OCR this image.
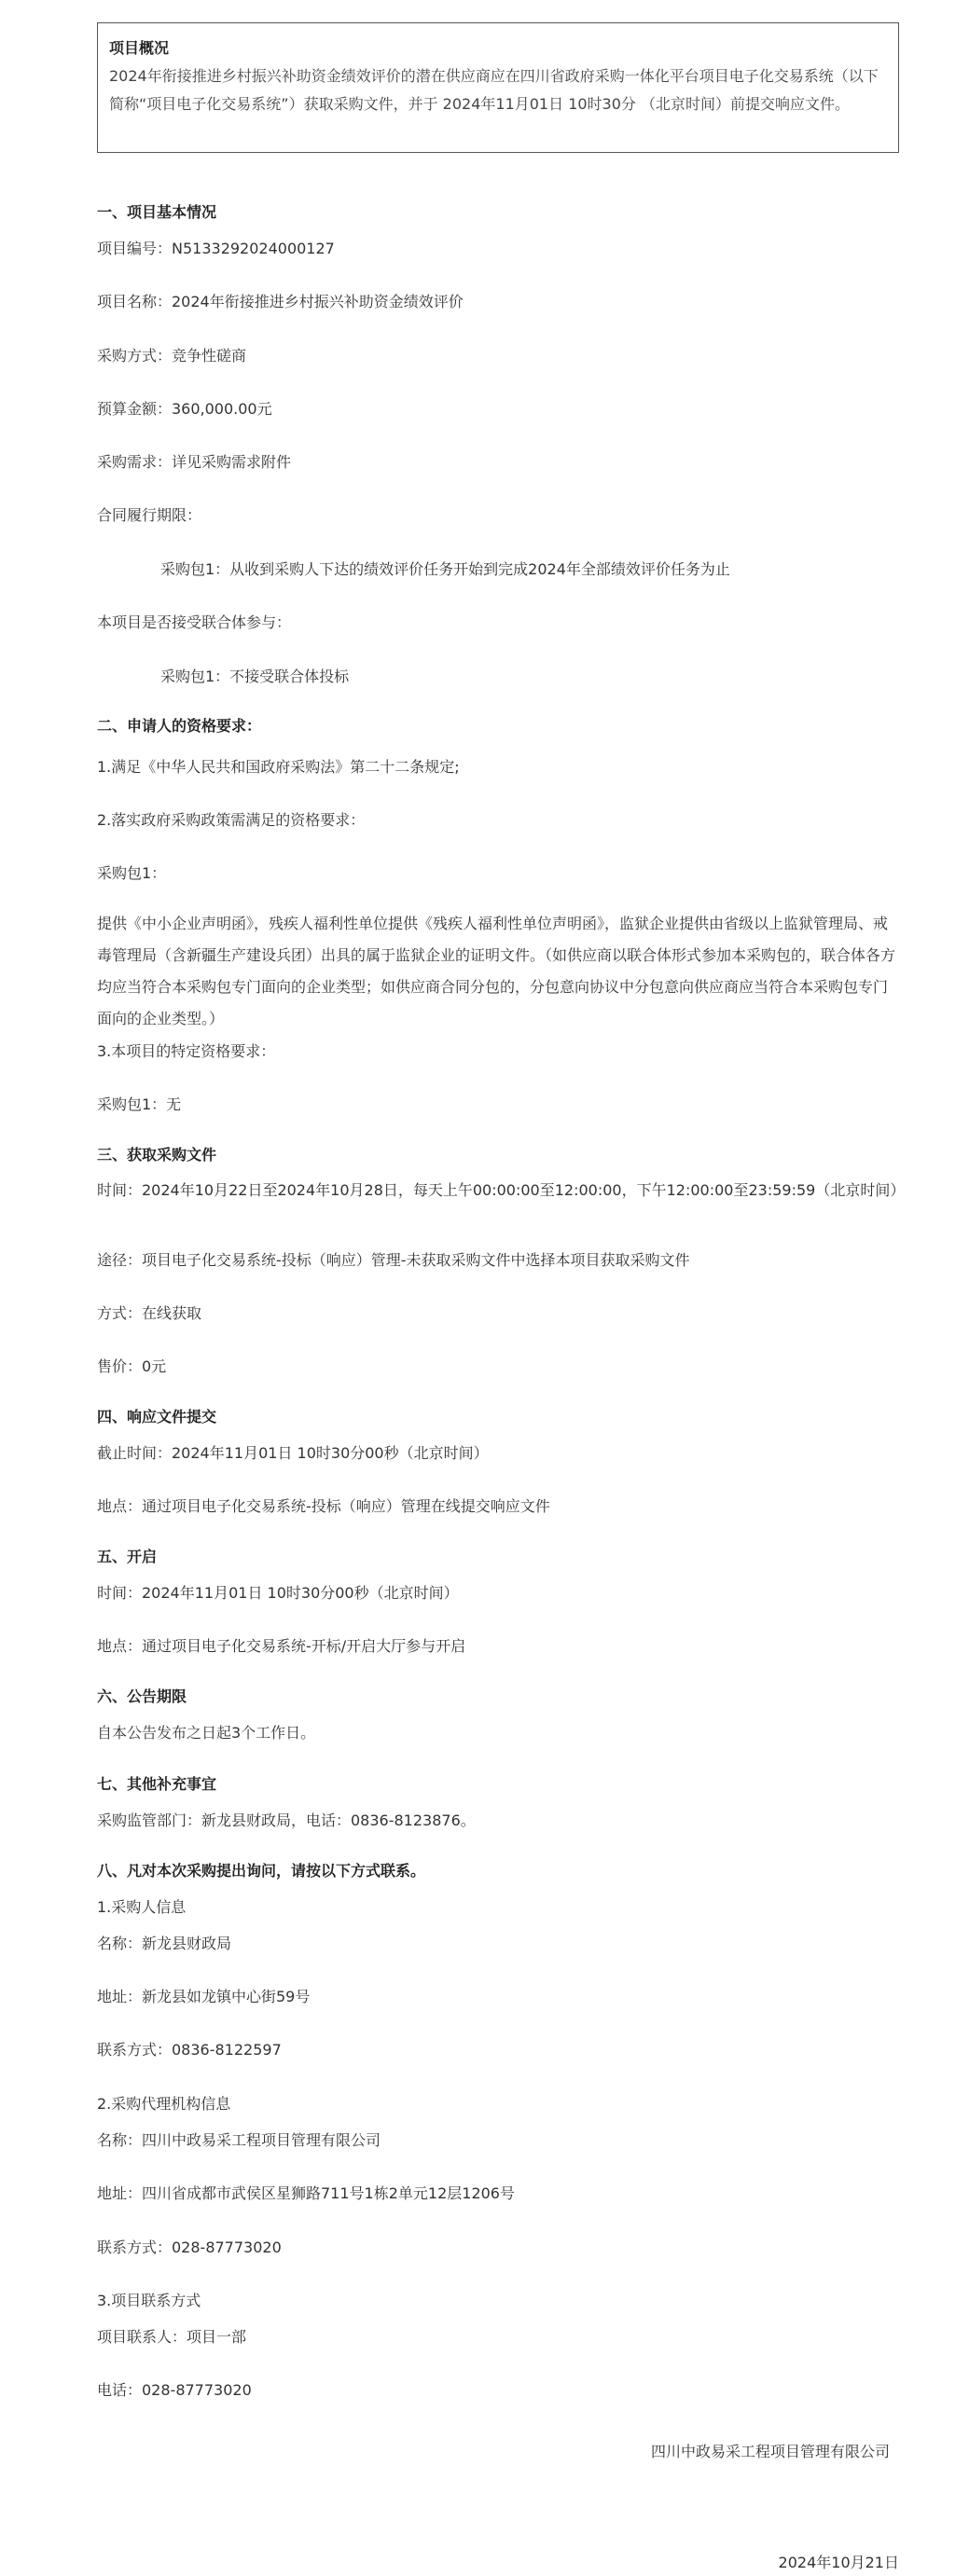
项目概况
2024年衔接推进乡村振兴补助资金绩效评价的潜在供应商应在四川省政府采购一体化平台项目电子化交易系统（以下简称“项目电子化交易系统”）获取采购文件，并于 2024年11月01日 10时30分 （北京时间）前提交响应文件。
一、项目基本情况
项目编号：N5133292024000127
项目名称：2024年衔接推进乡村振兴补助资金绩效评价
采购方式：竞争性磋商
预算金额：360,000.00元
采购需求：详见采购需求附件
合同履行期限：
采购包1：从收到采购人下达的绩效评价任务开始到完成2024年全部绩效评价任务为止
本项目是否接受联合体参与：
采购包1：不接受联合体投标
二、申请人的资格要求：
1.满足《中华人民共和国政府采购法》第二十二条规定;
2.落实政府采购政策需满足的资格要求：
采购包1：
提供《中小企业声明函》，残疾人福利性单位提供《残疾人福利性单位声明函》，监狱企业提供由省级以上监狱管理局、戒毒管理局（含新疆生产建设兵团）出具的属于监狱企业的证明文件。（如供应商以联合体形式参加本采购包的，联合体各方均应当符合本采购包专门面向的企业类型；如供应商合同分包的，分包意向协议中分包意向供应商应当符合本采购包专门面向的企业类型。）
3.本项目的特定资格要求：
采购包1：无
三、获取采购文件
时间：2024年10月22日至2024年10月28日，每天上午00:00:00至12:00:00，下午12:00:00至23:59:59（北京时间）
途径：项目电子化交易系统-投标（响应）管理-未获取采购文件中选择本项目获取采购文件
方式：在线获取
售价：0元
四、响应文件提交
截止时间：2024年11月01日 10时30分00秒（北京时间）
地点：通过项目电子化交易系统-投标（响应）管理在线提交响应文件
五、开启
时间：2024年11月01日 10时30分00秒（北京时间）
地点：通过项目电子化交易系统-开标/开启大厅参与开启
六、公告期限
自本公告发布之日起3个工作日。
七、其他补充事宜
采购监管部门：新龙县财政局，电话：0836-8123876。
八、凡对本次采购提出询问，请按以下方式联系。
1.采购人信息
名称：新龙县财政局
地址：新龙县如龙镇中心街59号
联系方式：0836-8122597
2.采购代理机构信息
名称：四川中政易采工程项目管理有限公司
地址：四川省成都市武侯区星狮路711号1栋2单元12层1206号
联系方式：028-87773020
3.项目联系方式
项目联系人：项目一部
电话：028-87773020
四川中政易采工程项目管理有限公司
2024年10月21日
